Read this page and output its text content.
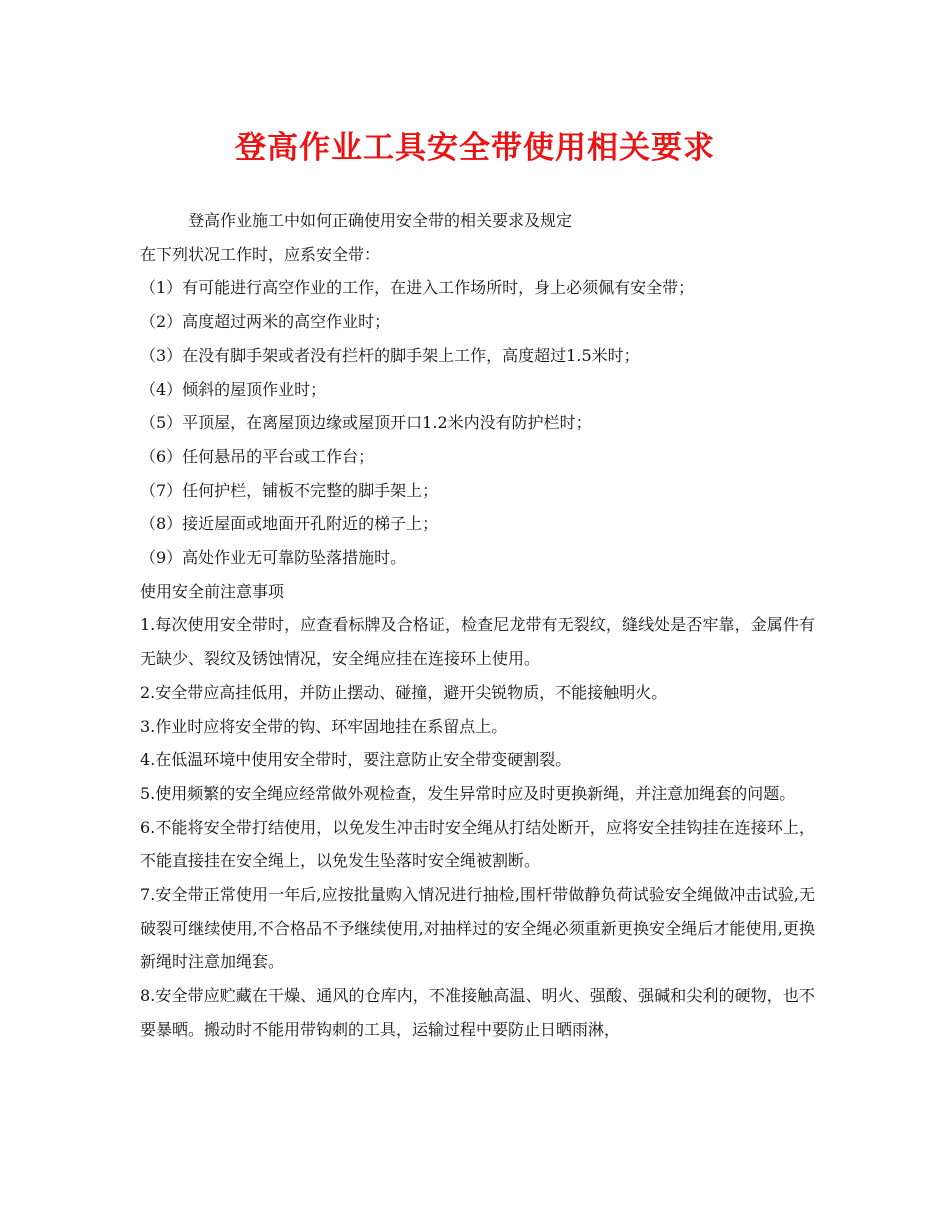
登高作业工具安全带使用相关要求

登高作业施工中如何正确使用安全带的相关要求及规定

在下列状况工作时，应系安全带：

（1）有可能进行高空作业的工作，在进入工作场所时，身上必须佩有安全带；

（2）高度超过两米的高空作业时；

（3）在没有脚手架或者没有拦杆的脚手架上工作，高度超过1.5米时；

（4）倾斜的屋顶作业时；

（5）平顶屋，在离屋顶边缘或屋顶开口1.2米内没有防护栏时；

（6）任何悬吊的平台或工作台；

（7）任何护栏，铺板不完整的脚手架上；

（8）接近屋面或地面开孔附近的梯子上；

（9）高处作业无可靠防坠落措施时。

使用安全前注意事项

1.每次使用安全带时，应查看标牌及合格证，检查尼龙带有无裂纹，缝线处是否牢靠，金属件有无缺少、裂纹及锈蚀情况，安全绳应挂在连接环上使用。

2.安全带应高挂低用，并防止摆动、碰撞，避开尖锐物质，不能接触明火。

3.作业时应将安全带的钩、环牢固地挂在系留点上。

4.在低温环境中使用安全带时，要注意防止安全带变硬割裂。

5.使用频繁的安全绳应经常做外观检查，发生异常时应及时更换新绳，并注意加绳套的问题。

6.不能将安全带打结使用，以免发生冲击时安全绳从打结处断开，应将安全挂钩挂在连接环上，不能直接挂在安全绳上，以免发生坠落时安全绳被割断。

7.安全带正常使用一年后,应按批量购入情况进行抽检,围杆带做静负荷试验安全绳做冲击试验,无破裂可继续使用,不合格品不予继续使用,对抽样过的安全绳必须重新更换安全绳后才能使用,更换新绳时注意加绳套。

8.安全带应贮藏在干燥、通风的仓库内，不准接触高温、明火、强酸、强碱和尖利的硬物，也不要暴晒。搬动时不能用带钩刺的工具，运输过程中要防止日晒雨淋，
